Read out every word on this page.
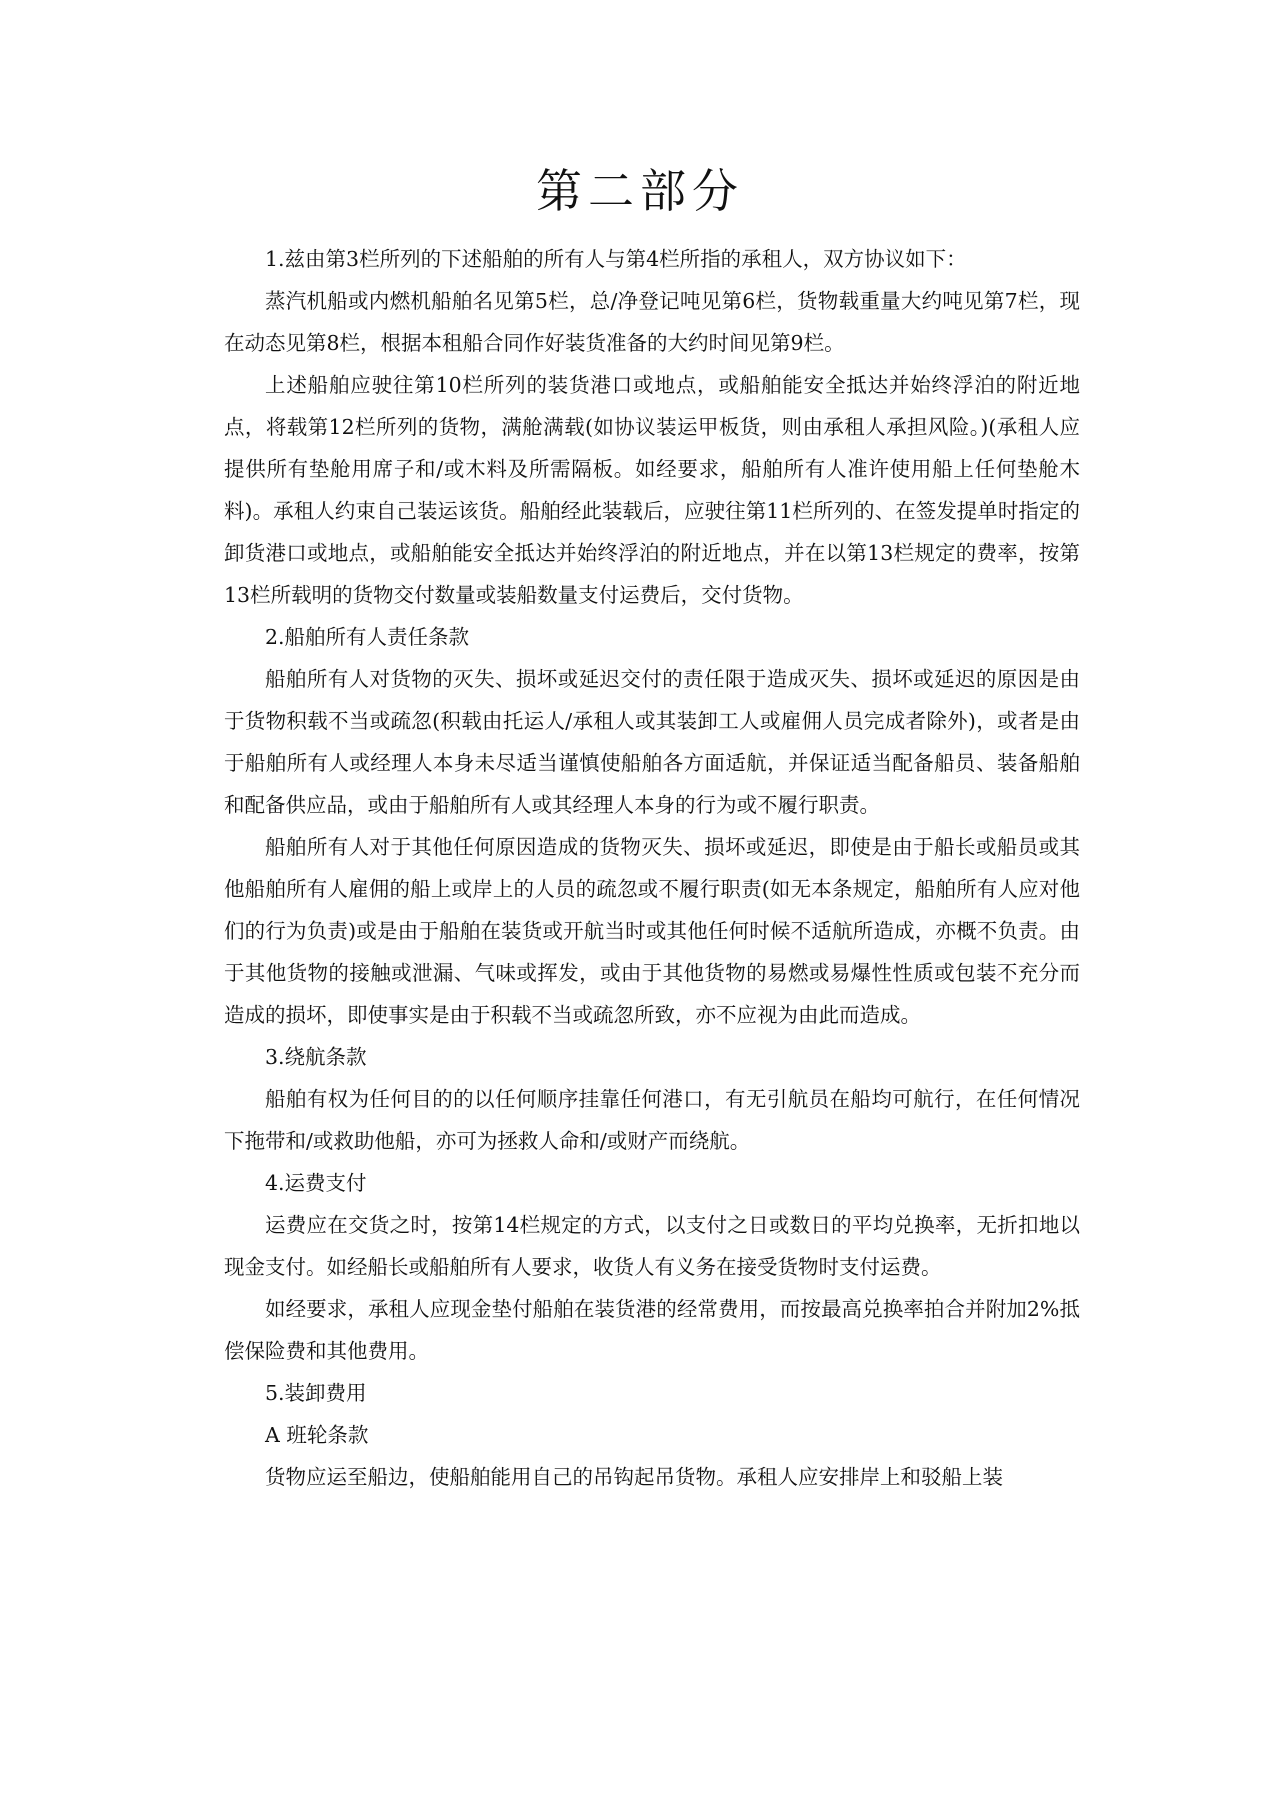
第二部分

1.兹由第3栏所列的下述船舶的所有人与第4栏所指的承租人，双方协议如下：

蒸汽机船或内燃机船舶名见第5栏，总/净登记吨见第6栏，货物载重量大约吨见第7栏，现在动态见第8栏，根据本租船合同作好装货准备的大约时间见第9栏。

上述船舶应驶往第10栏所列的装货港口或地点，或船舶能安全抵达并始终浮泊的附近地点，将载第12栏所列的货物，满舱满载(如协议装运甲板货，则由承租人承担风险。)(承租人应提供所有垫舱用席子和/或木料及所需隔板。如经要求，船舶所有人准许使用船上任何垫舱木料)。承租人约束自己装运该货。船舶经此装载后，应驶往第11栏所列的、在签发提单时指定的卸货港口或地点，或船舶能安全抵达并始终浮泊的附近地点，并在以第13栏规定的费率，按第13栏所载明的货物交付数量或装船数量支付运费后，交付货物。

2.船舶所有人责任条款

船舶所有人对货物的灭失、损坏或延迟交付的责任限于造成灭失、损坏或延迟的原因是由于货物积载不当或疏忽(积载由托运人/承租人或其装卸工人或雇佣人员完成者除外)，或者是由于船舶所有人或经理人本身未尽适当谨慎使船舶各方面适航，并保证适当配备船员、装备船舶和配备供应品，或由于船舶所有人或其经理人本身的行为或不履行职责。

船舶所有人对于其他任何原因造成的货物灭失、损坏或延迟，即使是由于船长或船员或其他船舶所有人雇佣的船上或岸上的人员的疏忽或不履行职责(如无本条规定，船舶所有人应对他们的行为负责)或是由于船舶在装货或开航当时或其他任何时候不适航所造成，亦概不负责。由于其他货物的接触或泄漏、气味或挥发，或由于其他货物的易燃或易爆性性质或包装不充分而造成的损坏，即使事实是由于积载不当或疏忽所致，亦不应视为由此而造成。

3.绕航条款

船舶有权为任何目的的以任何顺序挂靠任何港口，有无引航员在船均可航行，在任何情况下拖带和/或救助他船，亦可为拯救人命和/或财产而绕航。

4.运费支付

运费应在交货之时，按第14栏规定的方式，以支付之日或数日的平均兑换率，无折扣地以现金支付。如经船长或船舶所有人要求，收货人有义务在接受货物时支付运费。

如经要求，承租人应现金垫付船舶在装货港的经常费用，而按最高兑换率拍合并附加2%抵偿保险费和其他费用。

5.装卸费用

A 班轮条款

货物应运至船边，使船舶能用自己的吊钩起吊货物。承租人应安排岸上和驳船上装
